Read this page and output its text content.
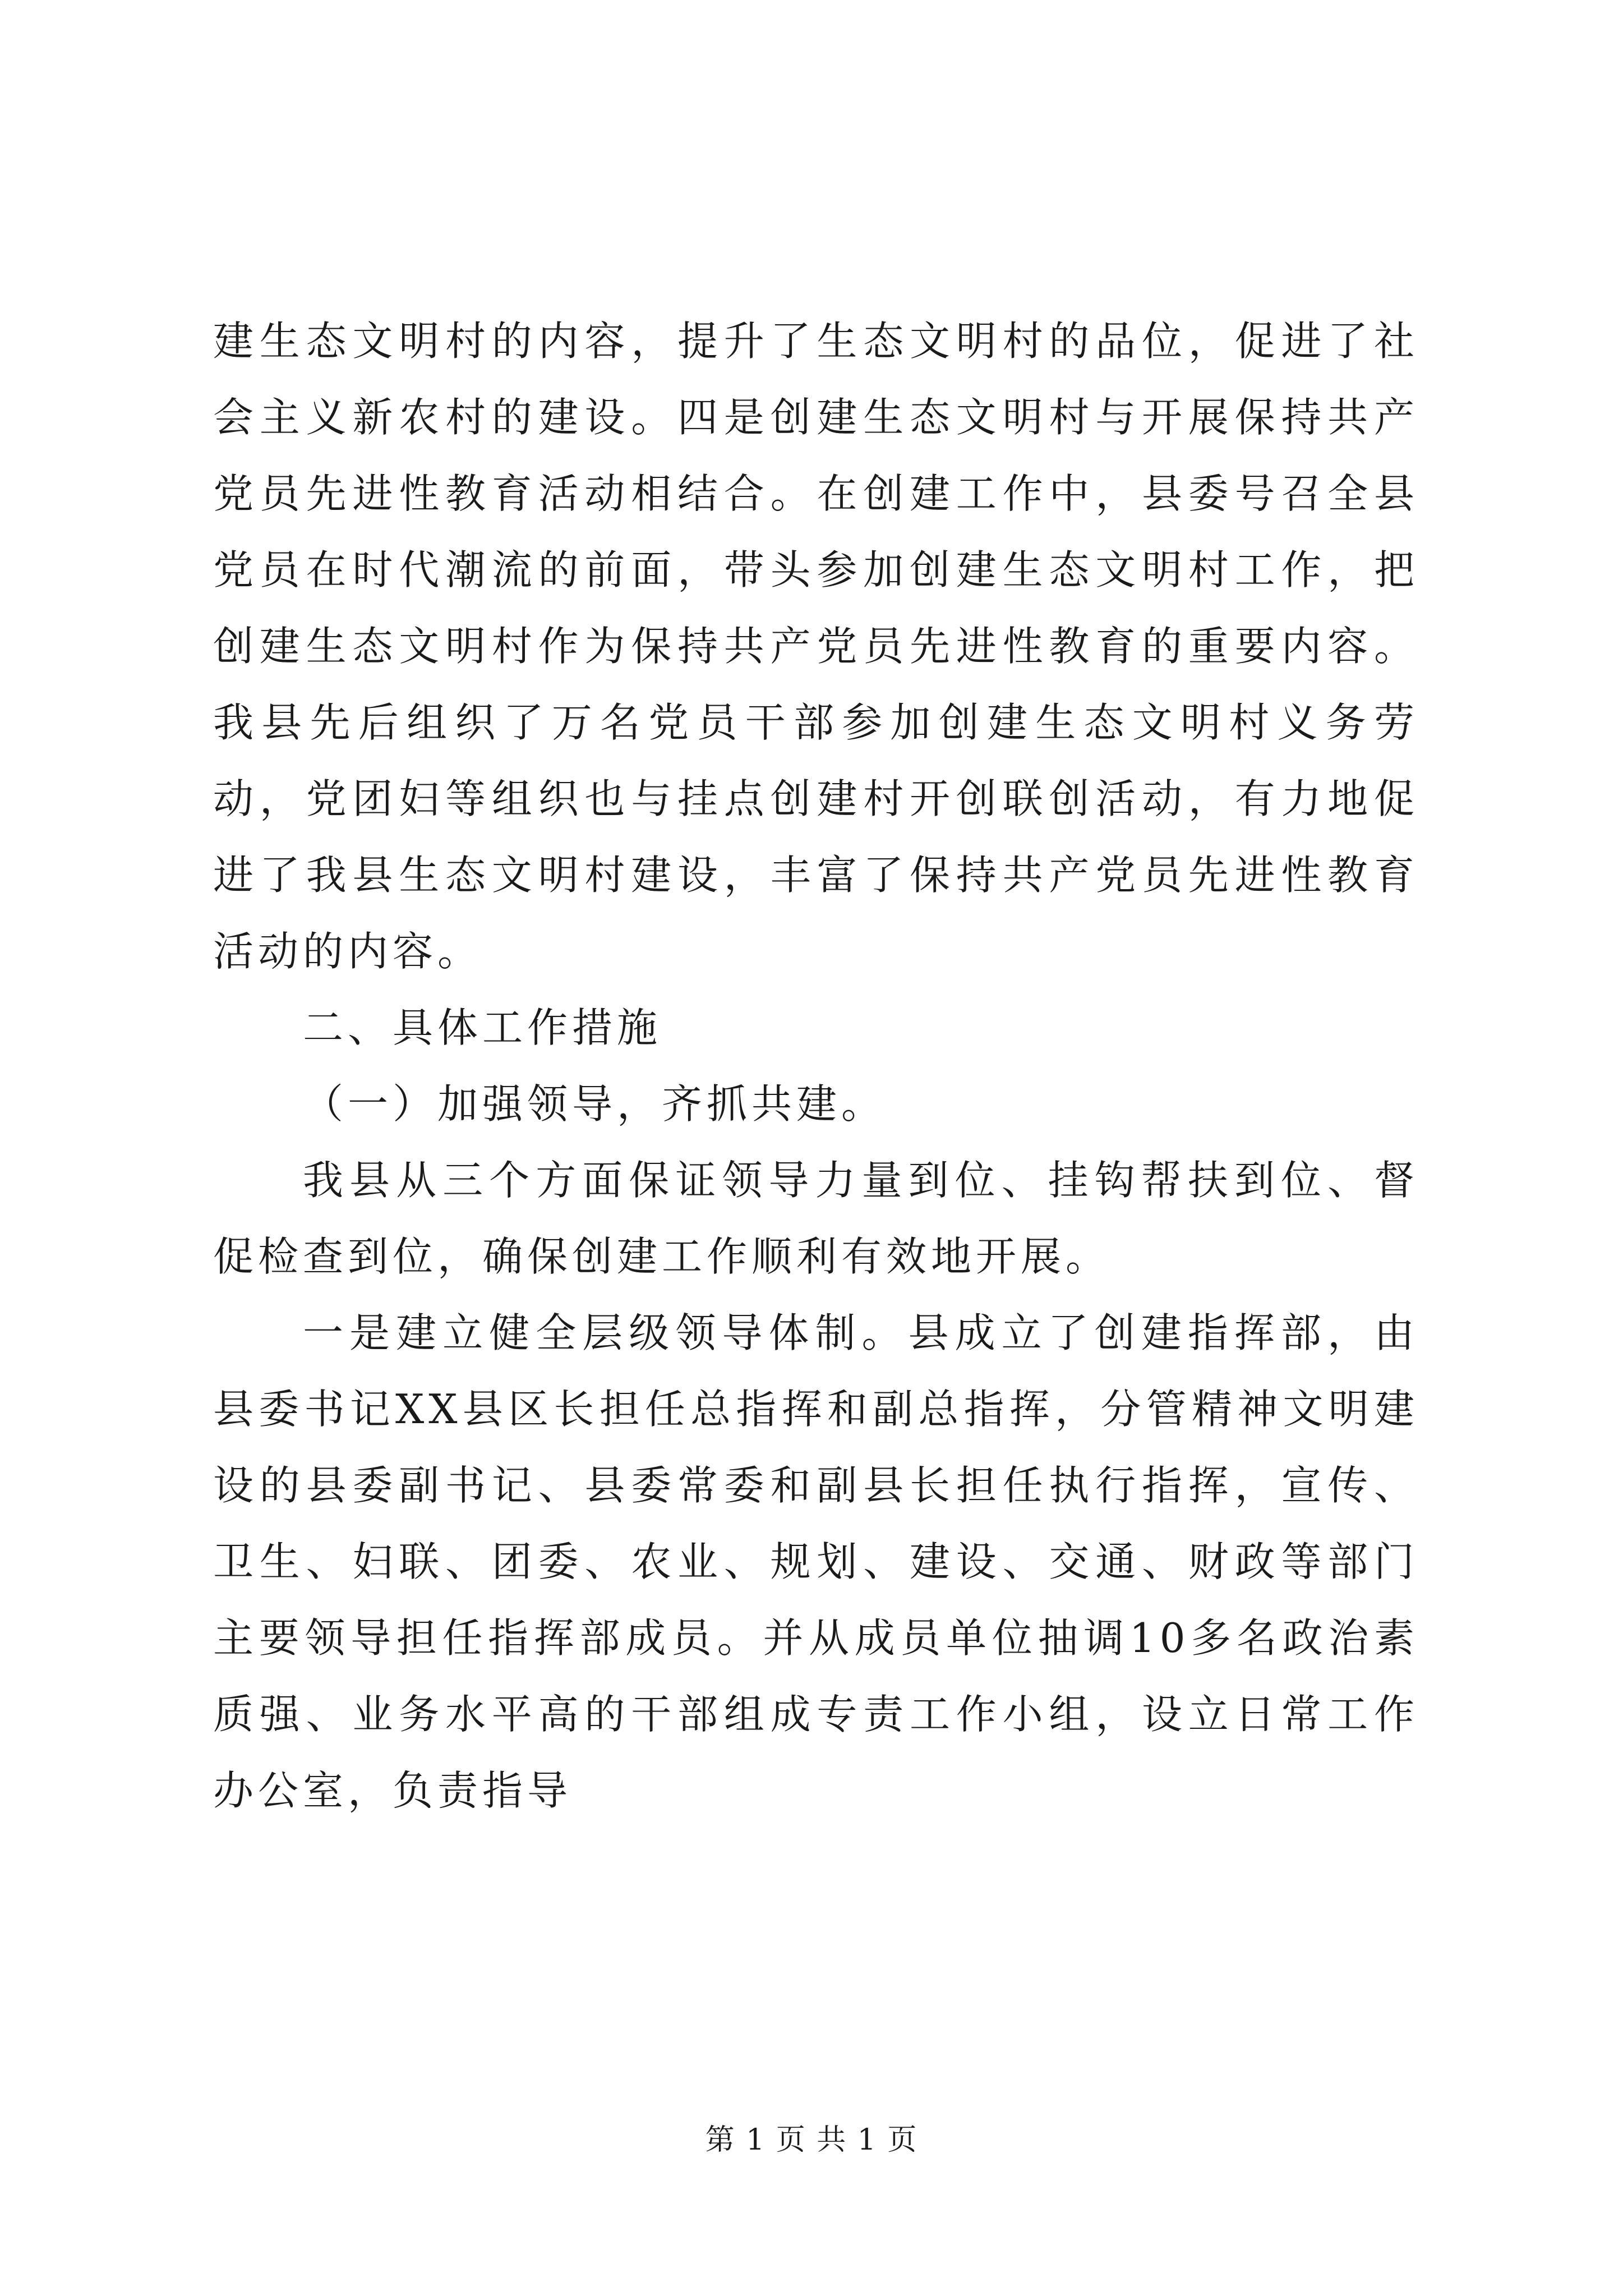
建生态文明村的内容，提升了生态文明村的品位，促进了社会主义新农村的建设。四是创建生态文明村与开展保持共产党员先进性教育活动相结合。在创建工作中，县委号召全县党员在时代潮流的前面，带头参加创建生态文明村工作，把创建生态文明村作为保持共产党员先进性教育的重要内容。我县先后组织了万名党员干部参加创建生态文明村义务劳动，党团妇等组织也与挂点创建村开创联创活动，有力地促进了我县生态文明村建设，丰富了保持共产党员先进性教育活动的内容。

二、具体工作措施

（一）加强领导，齐抓共建。

我县从三个方面保证领导力量到位、挂钩帮扶到位、督促检查到位，确保创建工作顺利有效地开展。

一是建立健全层级领导体制。县成立了创建指挥部，由县委书记XX县区长担任总指挥和副总指挥，分管精神文明建设的县委副书记、县委常委和副县长担任执行指挥，宣传、卫生、妇联、团委、农业、规划、建设、交通、财政等部门主要领导担任指挥部成员。并从成员单位抽调10多名政治素质强、业务水平高的干部组成专责工作小组，设立日常工作办公室，负责指导

第 1 页 共 1 页
